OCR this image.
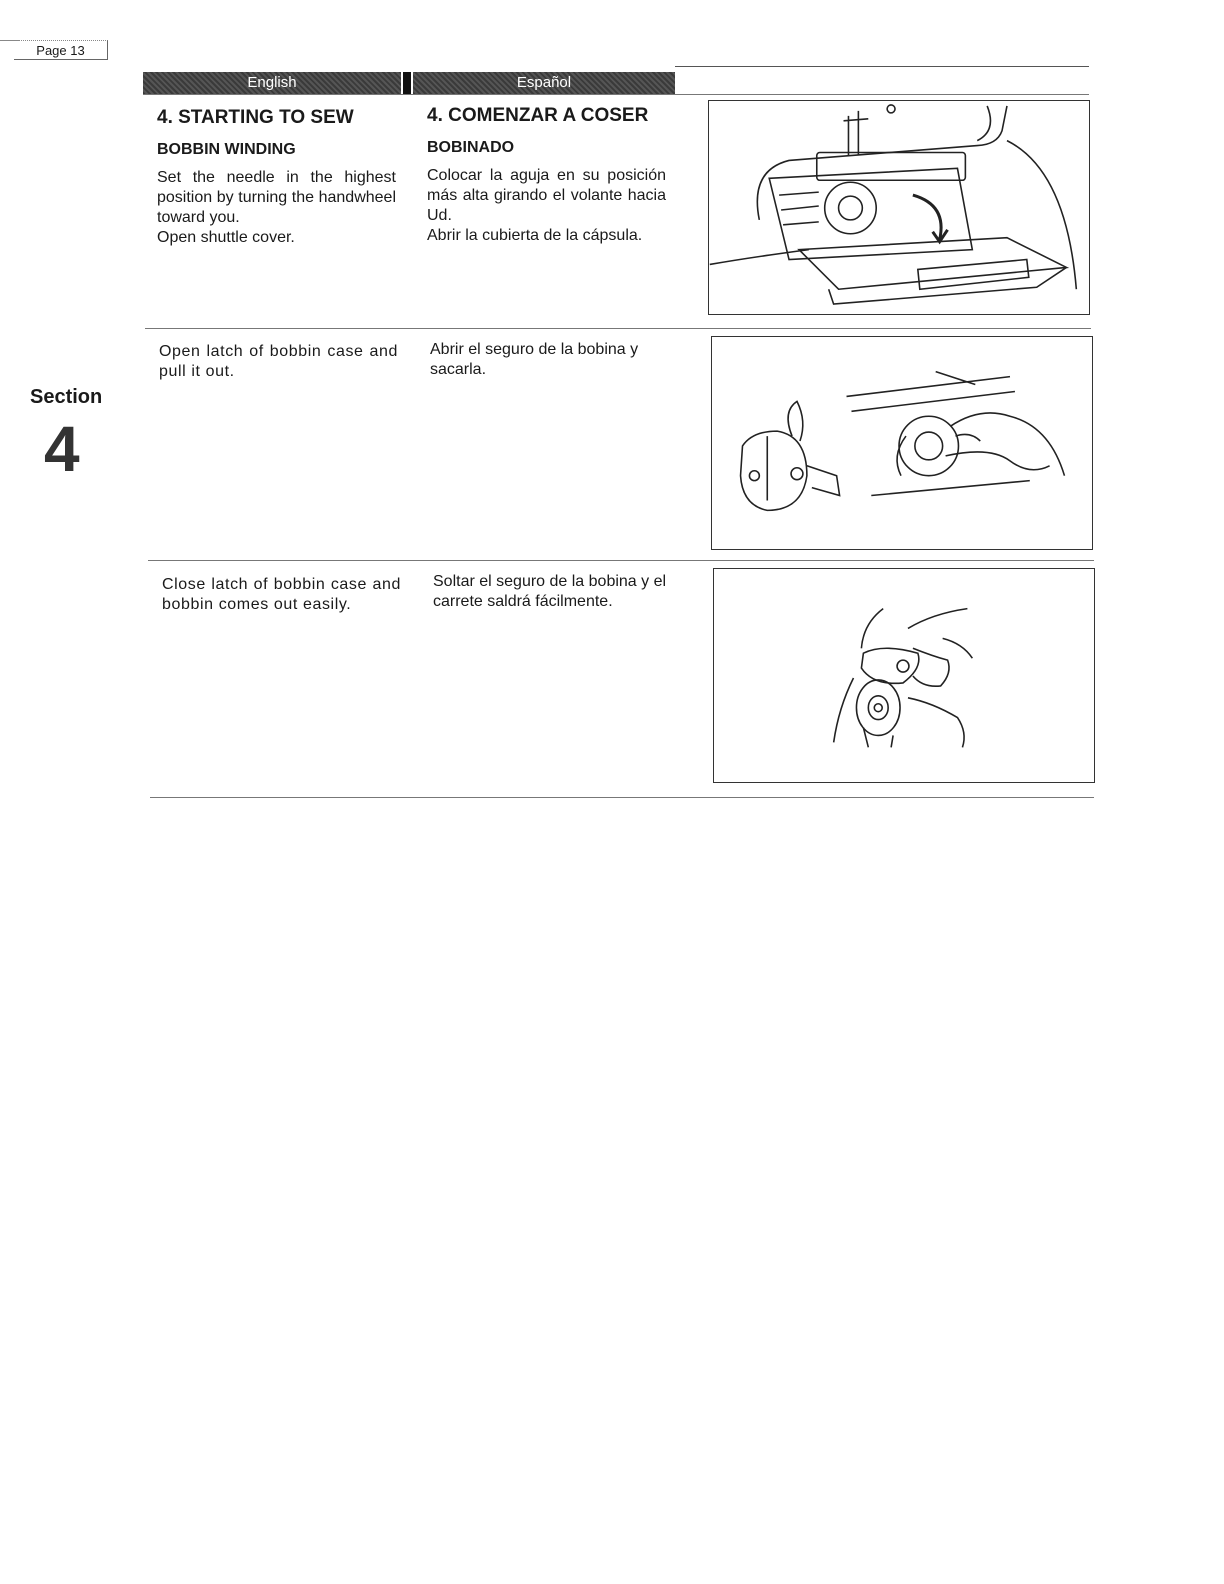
Page 13
Section
4
English	Español
4. STARTING TO SEW
BOBBIN WINDING

Set the needle in the highest position by turning the handwheel toward you.

Open shuttle cover.

4. COMENZAR A COSER
BOBINADO

Colocar la aguja en su posición más alta girando el volante hacia Ud.

Abrir la cubierta de la cápsula.

Open latch of bobbin case and pull it out.
Abrir el seguro de la bobina y sacarla.
Close latch of bobbin case and bobbin comes out easily.
Soltar el seguro de la bobina y el carrete saldrá fácilmente.
